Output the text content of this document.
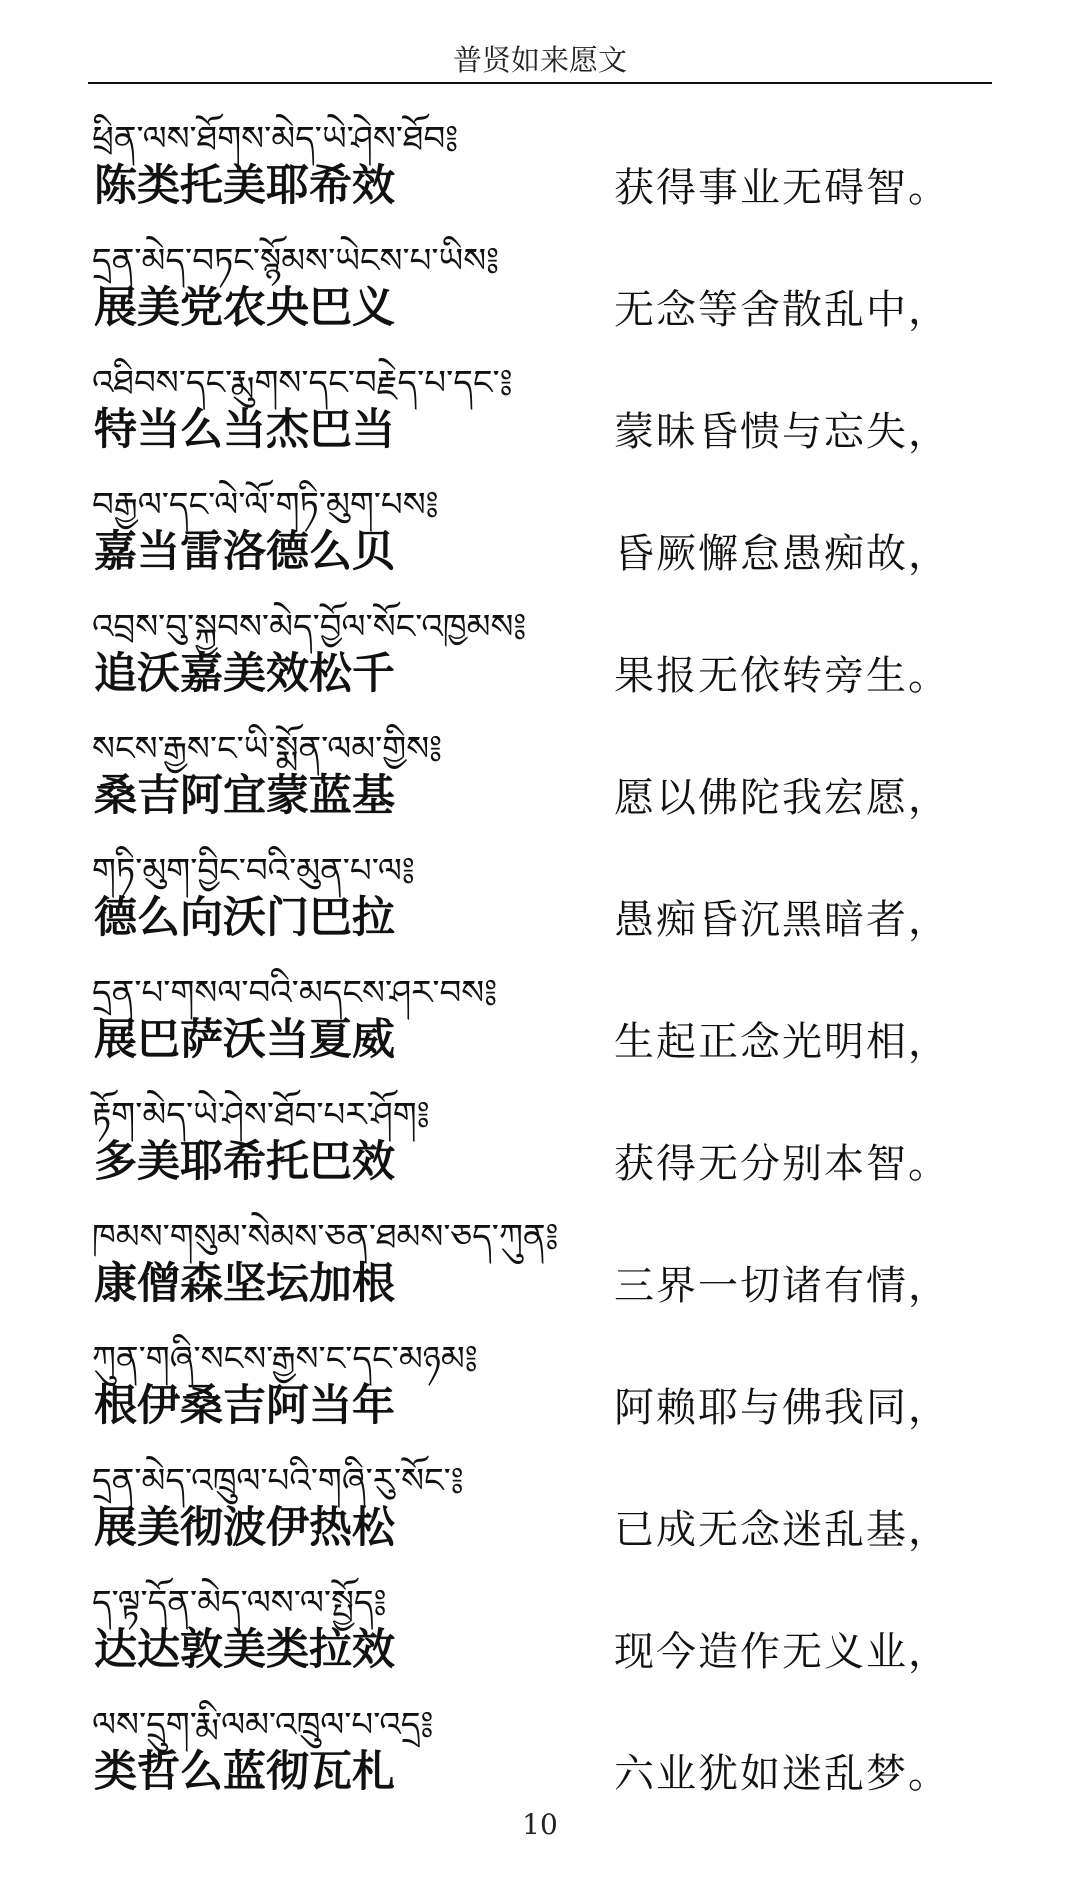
普贤如来愿文
ཕྲིན་ལས་ཐོགས་མེད་ཡེ་ཤེས་ཐོབ༔
陈类托美耶希效	获得事业无碍智。
དྲན་མེད་བཏང་སྙོམས་ཡེངས་པ་ཡིས༔
展美党农央巴义	无念等舍散乱中，
འཐིབས་དང་རྨུགས་དང་བརྗེད་པ་དང་༔
特当么当杰巴当	蒙昧昏愦与忘失，
བརྒྱལ་དང་ལེ་ལོ་གཏི་མུག་པས༔
嘉当雷洛德么贝	昏厥懈怠愚痴故，
འབྲས་བུ་སྐྱབས་མེད་བྱོལ་སོང་འཁྱམས༔
追沃嘉美效松千	果报无依转旁生。
སངས་རྒྱས་ང་ཡི་སྨོན་ལམ་གྱིས༔
桑吉阿宜蒙蓝基	愿以佛陀我宏愿，
གཏི་མུག་བྱིང་བའི་མུན་པ་ལ༔
德么向沃门巴拉	愚痴昏沉黑暗者，
དྲན་པ་གསལ་བའི་མདངས་ཤར་བས༔
展巴萨沃当夏威	生起正念光明相，
རྟོག་མེད་ཡེ་ཤེས་ཐོབ་པར་ཤོག༔
多美耶希托巴效	获得无分别本智。
ཁམས་གསུམ་སེམས་ཅན་ཐམས་ཅད་ཀུན༔
康僧森坚坛加根	三界一切诸有情，
ཀུན་གཞི་སངས་རྒྱས་ང་དང་མཉམ༔
根伊桑吉阿当年	阿赖耶与佛我同，
དྲན་མེད་འཁྲུལ་པའི་གཞི་རུ་སོང་༔
展美彻波伊热松	已成无念迷乱基，
ད་ལྟ་དོན་མེད་ལས་ལ་སྤྱོད༔
达达敦美类拉效	现今造作无义业，
ལས་དྲུག་རྨི་ལམ་འཁྲུལ་པ་འདྲ༔
类哲么蓝彻瓦札	六业犹如迷乱梦。
10
